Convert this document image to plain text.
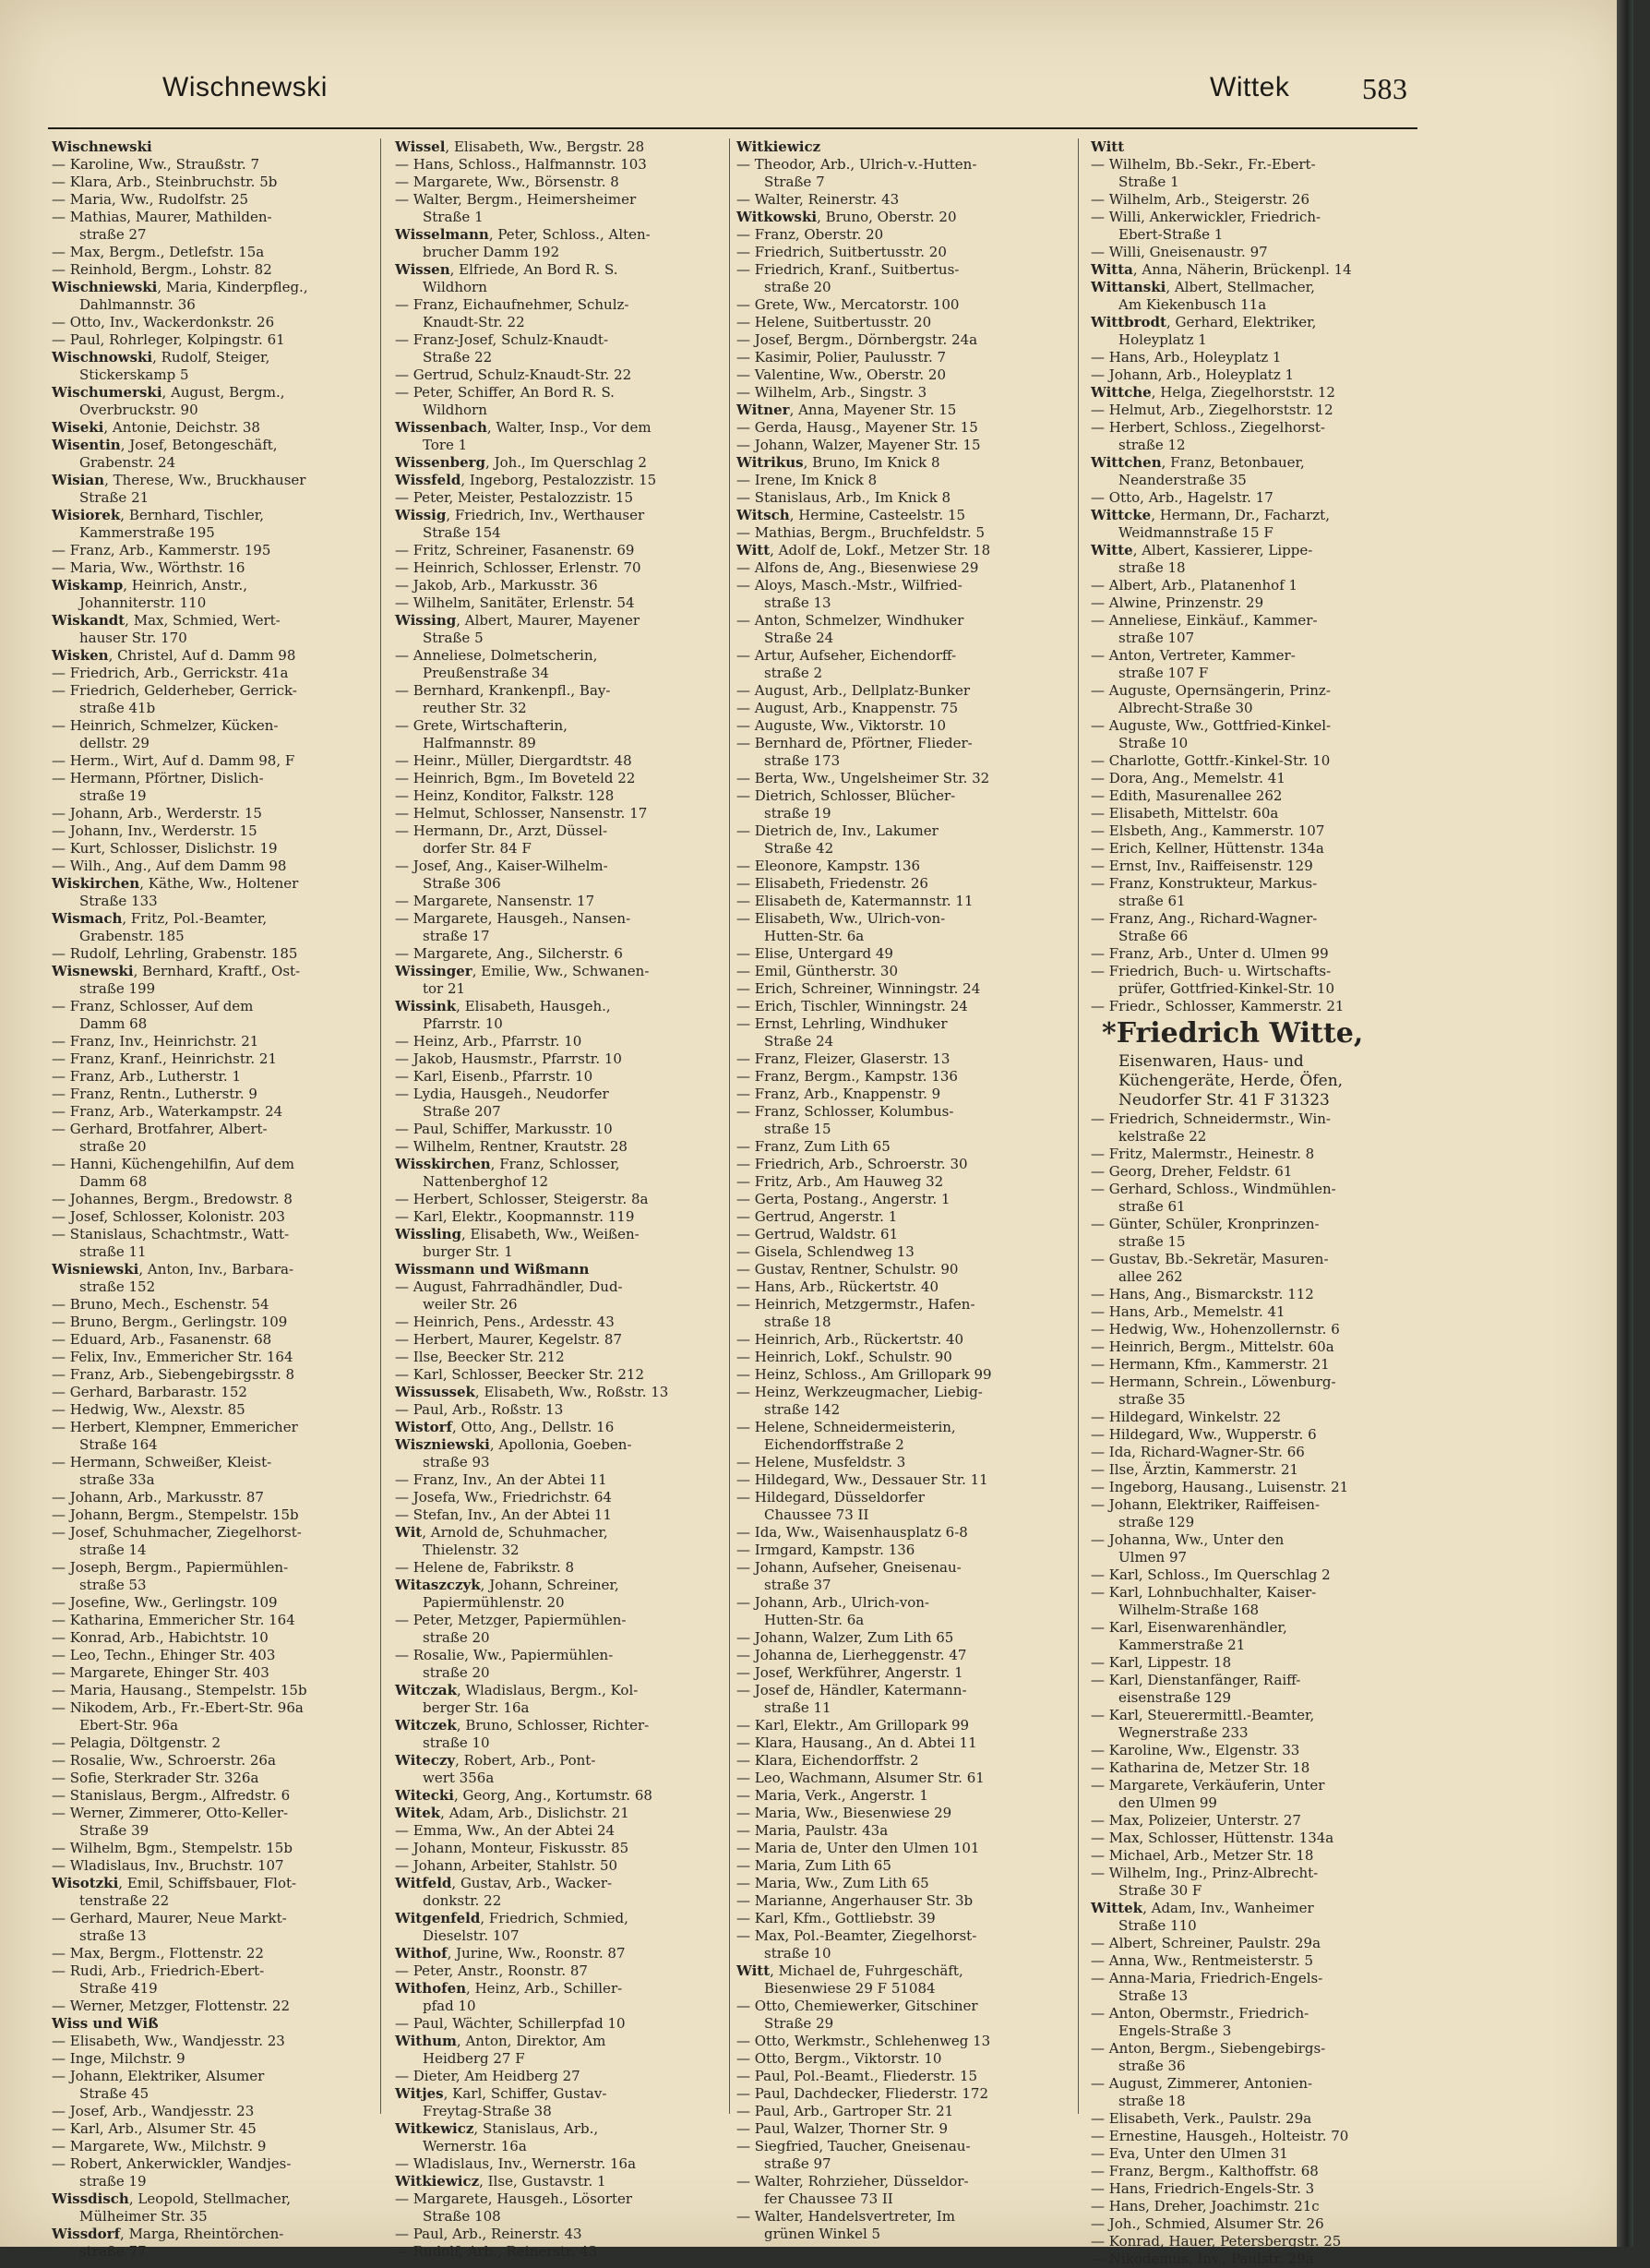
Wischnewski	Wittek 583

Wischnewski

— Karoline, Ww., Straußstr. 7

— Klara, Arb., Steinbruchstr. 5b

— Maria, Ww., Rudolfstr. 25

— Mathias, Maurer, Mathilden-

straße 27

— Max, Bergm., Detlefstr. 15a

— Reinhold, Bergm., Lohstr. 82

Wischniewski, Maria, Kinderpfleg.,

Dahlmannstr. 36

— Otto, Inv., Wackerdonkstr. 26

— Paul, Rohrleger, Kolpingstr. 61

Wischnowski, Rudolf, Steiger,

Stickerskamp 5

Wischumerski, August, Bergm.,

Overbruckstr. 90

Wiseki, Antonie, Deichstr. 38

Wisentin, Josef, Betongeschäft,

Grabenstr. 24

Wisian, Therese, Ww., Bruckhauser

Straße 21

Wisiorek, Bernhard, Tischler,

Kammerstraße 195

— Franz, Arb., Kammerstr. 195

— Maria, Ww., Wörthstr. 16

Wiskamp, Heinrich, Anstr.,

Johanniterstr. 110

Wiskandt, Max, Schmied, Wert-

hauser Str. 170

Wisken, Christel, Auf d. Damm 98

— Friedrich, Arb., Gerrickstr. 41a

— Friedrich, Gelderheber, Gerrick-

straße 41b

— Heinrich, Schmelzer, Kücken-

dellstr. 29

— Herm., Wirt, Auf d. Damm 98, F

— Hermann, Pförtner, Dislich-

straße 19

— Johann, Arb., Werderstr. 15

— Johann, Inv., Werderstr. 15

— Kurt, Schlosser, Dislichstr. 19

— Wilh., Ang., Auf dem Damm 98

Wiskirchen, Käthe, Ww., Holtener

Straße 133

Wismach, Fritz, Pol.-Beamter,

Grabenstr. 185

— Rudolf, Lehrling, Grabenstr. 185

Wisnewski, Bernhard, Kraftf., Ost-

straße 199

— Franz, Schlosser, Auf dem

Damm 68

— Franz, Inv., Heinrichstr. 21

— Franz, Kranf., Heinrichstr. 21

— Franz, Arb., Lutherstr. 1

— Franz, Rentn., Lutherstr. 9

— Franz, Arb., Waterkampstr. 24

— Gerhard, Brotfahrer, Albert-

straße 20

— Hanni, Küchengehilfin, Auf dem

Damm 68

— Johannes, Bergm., Bredowstr. 8

— Josef, Schlosser, Kolonistr. 203

— Stanislaus, Schachtmstr., Watt-

straße 11

Wisniewski, Anton, Inv., Barbara-

straße 152

— Bruno, Mech., Eschenstr. 54

— Bruno, Bergm., Gerlingstr. 109

— Eduard, Arb., Fasanenstr. 68

— Felix, Inv., Emmericher Str. 164

— Franz, Arb., Siebengebirgsstr. 8

— Gerhard, Barbarastr. 152

— Hedwig, Ww., Alexstr. 85

— Herbert, Klempner, Emmericher

Straße 164

— Hermann, Schweißer, Kleist-

straße 33a

— Johann, Arb., Markusstr. 87

— Johann, Bergm., Stempelstr. 15b

— Josef, Schuhmacher, Ziegelhorst-

straße 14

— Joseph, Bergm., Papiermühlen-

straße 53

— Josefine, Ww., Gerlingstr. 109

— Katharina, Emmericher Str. 164

— Konrad, Arb., Habichtstr. 10

— Leo, Techn., Ehinger Str. 403

— Margarete, Ehinger Str. 403

— Maria, Hausang., Stempelstr. 15b

— Nikodem, Arb., Fr.-Ebert-Str. 96a

Ebert-Str. 96a

— Pelagia, Döltgenstr. 2

— Rosalie, Ww., Schroerstr. 26a

— Sofie, Sterkrader Str. 326a

— Stanislaus, Bergm., Alfredstr. 6

— Werner, Zimmerer, Otto-Keller-

Straße 39

— Wilhelm, Bgm., Stempelstr. 15b

— Wladislaus, Inv., Bruchstr. 107

Wisotzki, Emil, Schiffsbauer, Flot-

tenstraße 22

— Gerhard, Maurer, Neue Markt-

straße 13

— Max, Bergm., Flottenstr. 22

— Rudi, Arb., Friedrich-Ebert-

Straße 419

— Werner, Metzger, Flottenstr. 22

Wiss und Wiß

— Elisabeth, Ww., Wandjesstr. 23

— Inge, Milchstr. 9

— Johann, Elektriker, Alsumer

Straße 45

— Josef, Arb., Wandjesstr. 23

— Karl, Arb., Alsumer Str. 45

— Margarete, Ww., Milchstr. 9

— Robert, Ankerwickler, Wandjes-

straße 19

Wissdisch, Leopold, Stellmacher,

Mülheimer Str. 35

Wissdorf, Marga, Rheintörchen-

straße 77

Wissel, Elisabeth, Ww., Bergstr. 28

— Hans, Schloss., Halfmannstr. 103

— Margarete, Ww., Börsenstr. 8

— Walter, Bergm., Heimersheimer

Straße 1

Wisselmann, Peter, Schloss., Alten-

brucher Damm 192

Wissen, Elfriede, An Bord R. S.

Wildhorn

— Franz, Eichaufnehmer, Schulz-

Knaudt-Str. 22

— Franz-Josef, Schulz-Knaudt-

Straße 22

— Gertrud, Schulz-Knaudt-Str. 22

— Peter, Schiffer, An Bord R. S.

Wildhorn

Wissenbach, Walter, Insp., Vor dem

Tore 1

Wissenberg, Joh., Im Querschlag 2

Wissfeld, Ingeborg, Pestalozzistr. 15

— Peter, Meister, Pestalozzistr. 15

Wissig, Friedrich, Inv., Werthauser

Straße 154

— Fritz, Schreiner, Fasanenstr. 69

— Heinrich, Schlosser, Erlenstr. 70

— Jakob, Arb., Markusstr. 36

— Wilhelm, Sanitäter, Erlenstr. 54

Wissing, Albert, Maurer, Mayener

Straße 5

— Anneliese, Dolmetscherin,

Preußenstraße 34

— Bernhard, Krankenpfl., Bay-

reuther Str. 32

— Grete, Wirtschafterin,

Halfmannstr. 89

— Heinr., Müller, Diergardtstr. 48

— Heinrich, Bgm., Im Boveteld 22

— Heinz, Konditor, Falkstr. 128

— Helmut, Schlosser, Nansenstr. 17

— Hermann, Dr., Arzt, Düssel-

dorfer Str. 84 F

— Josef, Ang., Kaiser-Wilhelm-

Straße 306

— Margarete, Nansenstr. 17

— Margarete, Hausgeh., Nansen-

straße 17

— Margarete, Ang., Silcherstr. 6

Wissinger, Emilie, Ww., Schwanen-

tor 21

Wissink, Elisabeth, Hausgeh.,

Pfarrstr. 10

— Heinz, Arb., Pfarrstr. 10

— Jakob, Hausmstr., Pfarrstr. 10

— Karl, Eisenb., Pfarrstr. 10

— Lydia, Hausgeh., Neudorfer

Straße 207

— Paul, Schiffer, Markusstr. 10

— Wilhelm, Rentner, Krautstr. 28

Wisskirchen, Franz, Schlosser,

Nattenberghof 12

— Herbert, Schlosser, Steigerstr. 8a

— Karl, Elektr., Koopmannstr. 119

Wissling, Elisabeth, Ww., Weißen-

burger Str. 1

Wissmann und Wißmann

— August, Fahrradhändler, Dud-

weiler Str. 26

— Heinrich, Pens., Ardesstr. 43

— Herbert, Maurer, Kegelstr. 87

— Ilse, Beecker Str. 212

— Karl, Schlosser, Beecker Str. 212

Wissussek, Elisabeth, Ww., Roßstr. 13

— Paul, Arb., Roßstr. 13

Wistorf, Otto, Ang., Dellstr. 16

Wiszniewski, Apollonia, Goeben-

straße 93

— Franz, Inv., An der Abtei 11

— Josefa, Ww., Friedrichstr. 64

— Stefan, Inv., An der Abtei 11

Wit, Arnold de, Schuhmacher,

Thielenstr. 32

— Helene de, Fabrikstr. 8

Witaszczyk, Johann, Schreiner,

Papiermühlenstr. 20

— Peter, Metzger, Papiermühlen-

straße 20

— Rosalie, Ww., Papiermühlen-

straße 20

Witczak, Wladislaus, Bergm., Kol-

berger Str. 16a

Witczek, Bruno, Schlosser, Richter-

straße 10

Witeczy, Robert, Arb., Pont-

wert 356a

Witecki, Georg, Ang., Kortumstr. 68

Witek, Adam, Arb., Dislichstr. 21

— Emma, Ww., An der Abtei 24

— Johann, Monteur, Fiskusstr. 85

— Johann, Arbeiter, Stahlstr. 50

Witfeld, Gustav, Arb., Wacker-

donkstr. 22

Witgenfeld, Friedrich, Schmied,

Dieselstr. 107

Withof, Jurine, Ww., Roonstr. 87

— Peter, Anstr., Roonstr. 87

Withofen, Heinz, Arb., Schiller-

pfad 10

— Paul, Wächter, Schillerpfad 10

Withum, Anton, Direktor, Am

Heidberg 27 F

— Dieter, Am Heidberg 27

Witjes, Karl, Schiffer, Gustav-

Freytag-Straße 38

Witkewicz, Stanislaus, Arb.,

Wernerstr. 16a

— Wladislaus, Inv., Wernerstr. 16a

Witkiewicz, Ilse, Gustavstr. 1

— Margarete, Hausgeh., Lösorter

Straße 108

— Paul, Arb., Reinerstr. 43

— Rudolf, Arb., Reinerstr. 43

Witkiewicz

— Theodor, Arb., Ulrich-v.-Hutten-

Straße 7

— Walter, Reinerstr. 43

Witkowski, Bruno, Oberstr. 20

— Franz, Oberstr. 20

— Friedrich, Suitbertusstr. 20

— Friedrich, Kranf., Suitbertus-

straße 20

— Grete, Ww., Mercatorstr. 100

— Helene, Suitbertusstr. 20

— Josef, Bergm., Dörnbergstr. 24a

— Kasimir, Polier, Paulusstr. 7

— Valentine, Ww., Oberstr. 20

— Wilhelm, Arb., Singstr. 3

Witner, Anna, Mayener Str. 15

— Gerda, Hausg., Mayener Str. 15

— Johann, Walzer, Mayener Str. 15

Witrikus, Bruno, Im Knick 8

— Irene, Im Knick 8

— Stanislaus, Arb., Im Knick 8

Witsch, Hermine, Casteelstr. 15

— Mathias, Bergm., Bruchfeldstr. 5

Witt, Adolf de, Lokf., Metzer Str. 18

— Alfons de, Ang., Biesenwiese 29

— Aloys, Masch.-Mstr., Wilfried-

straße 13

— Anton, Schmelzer, Windhuker

Straße 24

— Artur, Aufseher, Eichendorff-

straße 2

— August, Arb., Dellplatz-Bunker

— August, Arb., Knappenstr. 75

— Auguste, Ww., Viktorstr. 10

— Bernhard de, Pförtner, Flieder-

straße 173

— Berta, Ww., Ungelsheimer Str. 32

— Dietrich, Schlosser, Blücher-

straße 19

— Dietrich de, Inv., Lakumer

Straße 42

— Eleonore, Kampstr. 136

— Elisabeth, Friedenstr. 26

— Elisabeth de, Katermannstr. 11

— Elisabeth, Ww., Ulrich-von-

Hutten-Str. 6a

— Elise, Untergard 49

— Emil, Güntherstr. 30

— Erich, Schreiner, Winningstr. 24

— Erich, Tischler, Winningstr. 24

— Ernst, Lehrling, Windhuker

Straße 24

— Franz, Fleizer, Glaserstr. 13

— Franz, Bergm., Kampstr. 136

— Franz, Arb., Knappenstr. 9

— Franz, Schlosser, Kolumbus-

straße 15

— Franz, Zum Lith 65

— Friedrich, Arb., Schroerstr. 30

— Fritz, Arb., Am Hauweg 32

— Gerta, Postang., Angerstr. 1

— Gertrud, Angerstr. 1

— Gertrud, Waldstr. 61

— Gisela, Schlendweg 13

— Gustav, Rentner, Schulstr. 90

— Hans, Arb., Rückertstr. 40

— Heinrich, Metzgermstr., Hafen-

straße 18

— Heinrich, Arb., Rückertstr. 40

— Heinrich, Lokf., Schulstr. 90

— Heinz, Schloss., Am Grillopark 99

— Heinz, Werkzeugmacher, Liebig-

straße 142

— Helene, Schneidermeisterin,

Eichendorffstraße 2

— Helene, Musfeldstr. 3

— Hildegard, Ww., Dessauer Str. 11

— Hildegard, Düsseldorfer

Chaussee 73 II

— Ida, Ww., Waisenhausplatz 6-8

— Irmgard, Kampstr. 136

— Johann, Aufseher, Gneisenau-

straße 37

— Johann, Arb., Ulrich-von-

Hutten-Str. 6a

— Johann, Walzer, Zum Lith 65

— Johanna de, Lierheggenstr. 47

— Josef, Werkführer, Angerstr. 1

— Josef de, Händler, Katermann-

straße 11

— Karl, Elektr., Am Grillopark 99

— Klara, Hausang., An d. Abtei 11

— Klara, Eichendorffstr. 2

— Leo, Wachmann, Alsumer Str. 61

— Maria, Verk., Angerstr. 1

— Maria, Ww., Biesenwiese 29

— Maria, Paulstr. 43a

— Maria de, Unter den Ulmen 101

— Maria, Zum Lith 65

— Maria, Ww., Zum Lith 65

— Marianne, Angerhauser Str. 3b

— Karl, Kfm., Gottliebstr. 39

— Max, Pol.-Beamter, Ziegelhorst-

straße 10

Witt, Michael de, Fuhrgeschäft,

Biesenwiese 29 F 51084

— Otto, Chemiewerker, Gitschiner

Straße 29

— Otto, Werkmstr., Schlehenweg 13

— Otto, Bergm., Viktorstr. 10

— Paul, Pol.-Beamt., Fliederstr. 15

— Paul, Dachdecker, Fliederstr. 172

— Paul, Arb., Gartroper Str. 21

— Paul, Walzer, Thorner Str. 9

— Siegfried, Taucher, Gneisenau-

straße 97

— Walter, Rohrzieher, Düsseldor-

fer Chaussee 73 II

— Walter, Handelsvertreter, Im

grünen Winkel 5

Witt

— Wilhelm, Bb.-Sekr., Fr.-Ebert-

Straße 1

— Wilhelm, Arb., Steigerstr. 26

— Willi, Ankerwickler, Friedrich-

Ebert-Straße 1

— Willi, Gneisenaustr. 97

Witta, Anna, Näherin, Brückenpl. 14

Wittanski, Albert, Stellmacher,

Am Kiekenbusch 11a

Wittbrodt, Gerhard, Elektriker,

Holeyplatz 1

— Hans, Arb., Holeyplatz 1

— Johann, Arb., Holeyplatz 1

Wittche, Helga, Ziegelhorststr. 12

— Helmut, Arb., Ziegelhorststr. 12

— Herbert, Schloss., Ziegelhorst-

straße 12

Wittchen, Franz, Betonbauer,

Neanderstraße 35

— Otto, Arb., Hagelstr. 17

Wittcke, Hermann, Dr., Facharzt,

Weidmannstraße 15 F

Witte, Albert, Kassierer, Lippe-

straße 18

— Albert, Arb., Platanenhof 1

— Alwine, Prinzenstr. 29

— Anneliese, Einkäuf., Kammer-

straße 107

— Anton, Vertreter, Kammer-

straße 107 F

— Auguste, Opernsängerin, Prinz-

Albrecht-Straße 30

— Auguste, Ww., Gottfried-Kinkel-

Straße 10

— Charlotte, Gottfr.-Kinkel-Str. 10

— Dora, Ang., Memelstr. 41

— Edith, Masurenallee 262

— Elisabeth, Mittelstr. 60a

— Elsbeth, Ang., Kammerstr. 107

— Erich, Kellner, Hüttenstr. 134a

— Ernst, Inv., Raiffeisenstr. 129

— Franz, Konstrukteur, Markus-

straße 61

— Franz, Ang., Richard-Wagner-

Straße 66

— Franz, Arb., Unter d. Ulmen 99

— Friedrich, Buch- u. Wirtschafts-

prüfer, Gottfried-Kinkel-Str. 10

— Friedr., Schlosser, Kammerstr. 21

*Friedrich Witte,

Eisenwaren, Haus- und

Küchengeräte, Herde, Öfen,

Neudorfer Str. 41 F 31323

— Friedrich, Schneidermstr., Win-

kelstraße 22

— Fritz, Malermstr., Heinestr. 8

— Georg, Dreher, Feldstr. 61

— Gerhard, Schloss., Windmühlen-

straße 61

— Günter, Schüler, Kronprinzen-

straße 15

— Gustav, Bb.-Sekretär, Masuren-

allee 262

— Hans, Ang., Bismarckstr. 112

— Hans, Arb., Memelstr. 41

— Hedwig, Ww., Hohenzollernstr. 6

— Heinrich, Bergm., Mittelstr. 60a

— Hermann, Kfm., Kammerstr. 21

— Hermann, Schrein., Löwenburg-

straße 35

— Hildegard, Winkelstr. 22

— Hildegard, Ww., Wupperstr. 6

— Ida, Richard-Wagner-Str. 66

— Ilse, Ärztin, Kammerstr. 21

— Ingeborg, Hausang., Luisenstr. 21

— Johann, Elektriker, Raiffeisen-

straße 129

— Johanna, Ww., Unter den

Ulmen 97

— Karl, Schloss., Im Querschlag 2

— Karl, Lohnbuchhalter, Kaiser-

Wilhelm-Straße 168

— Karl, Eisenwarenhändler,

Kammerstraße 21

— Karl, Lippestr. 18

— Karl, Dienstanfänger, Raiff-

eisenstraße 129

— Karl, Steuerermittl.-Beamter,

Wegnerstraße 233

— Karoline, Ww., Elgenstr. 33

— Katharina de, Metzer Str. 18

— Margarete, Verkäuferin, Unter

den Ulmen 99

— Max, Polizeier, Unterstr. 27

— Max, Schlosser, Hüttenstr. 134a

— Michael, Arb., Metzer Str. 18

— Wilhelm, Ing., Prinz-Albrecht-

Straße 30 F

Wittek, Adam, Inv., Wanheimer

Straße 110

— Albert, Schreiner, Paulstr. 29a

— Anna, Ww., Rentmeisterstr. 5

— Anna-Maria, Friedrich-Engels-

Straße 13

— Anton, Obermstr., Friedrich-

Engels-Straße 3

— Anton, Bergm., Siebengebirgs-

straße 36

— August, Zimmerer, Antonien-

straße 18

— Elisabeth, Verk., Paulstr. 29a

— Ernestine, Hausgeh., Holteistr. 70

— Eva, Unter den Ulmen 31

— Franz, Bergm., Kalthoffstr. 68

— Hans, Friedrich-Engels-Str. 3

— Hans, Dreher, Joachimstr. 21c

— Joh., Schmied, Alsumer Str. 26

— Konrad, Hauer, Petersbergstr. 25

— Nikodemus, Inv., Paulstr. 29a
